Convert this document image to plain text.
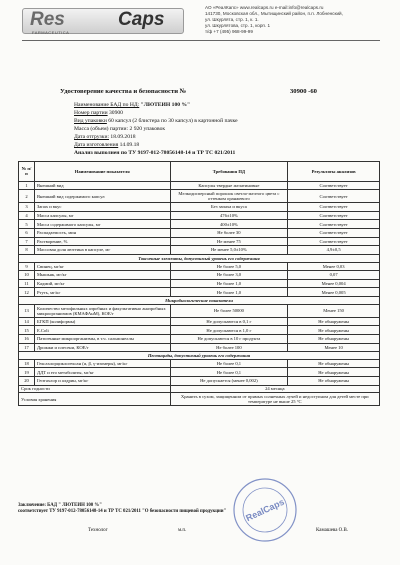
Res	Caps
FARMACEUTICA
АО «РеалКапс» www.realcaps.ru e-mail:info@realcaps.ru
141730, Московская обл., Мытищинский район, п.п. Лобненский,
ул. Шкурлята, стр. 1, к. 1.
ул. Шкурлятова, стр. 1, корп. 1
т/ф +7 (495) 968-99-99
Удостоверение качества и безопасности №	30900 -60
Наименование БАД по НД: "ЛЮТЕИН 100 %"
Номер партии 30900
Вид упаковки 60 капсул (2 блистера по 30 капсул) в картонной пачке
Масса (объем) партии: 2 920 упаковок
Дата отгрузки: 18.09.2018
Дата изготовления 14.09.18
Анализ выполнен по ТУ 9197-012-78056148-14 и ТР ТС 021/2011
№ п/п	Наименование показателя	Требования ПД	Результаты анализов
1	Внешний вид	Капсулы твердые желатиновые	Соответствует
2	Внешний вид содержимого капсул	Мелкодисперсный порошок светло-желтого цвета с оттенком оранжевого	Соответствует
3	Запах и вкус	Без запаха и вкуса	Соответствует
4	Масса капсулы, мг	476±10%	Соответствует
5	Масса содержимого капсулы, мг	400±10%	Соответствует
6	Распадаемость, мин	Не более 30	Соответствует
7	Растворение, %	Не менее 75	Соответствует
8	Массовая доля лютеина в капсуле, мг	Не менее 5,0±10%	4,9±0,5
Токсичные элементы, допустимый уровень его содержания			
9	Свинец, мг/кг	Не более 5,0	Менее 0,03
10	Мышьяк, мг/кг	Не более 3,0	0,07
11	Кадмий, мг/кг	Не более 1,0	Менее 0,004
12	Ртуть, мг/кг	Не более 1,0	Менее 0,005
Микробиологические показатели			
13	Количество мезофильных аэробных и факультативно анаэробных микроорганизмов (КМАФАнМ), КОЕ/г	Не более 50000	Менее 150
14	БГКП (колиформы)	Не допускаются в 0,1 г	Не обнаружены
15	E.Coli	Не допускаются в 1,0 г	Не обнаружены
16	Патогенные микроорганизмы, в т.ч. сальмонеллы	Не допускаются в 10 г продукта	Не обнаружены
17	Дрожжи и плесени, КОЕ/г	Не более 100	Менее 10
Пестициды, допустимый уровень его содержания			
18	Гексахлорциклогексан (α, β, γ-изомеры), мг/кг	Не более 0,1	Не обнаружены
19	ДДТ и его метаболиты, мг/кг	Не более 0,1	Не обнаружены
20	Гептахлор и алдрин, мг/кг	Не допускается (менее 0,002)	Не обнаружены
Срок годности		24 месяца	
Условия хранения		Хранить в сухом, защищенном от прямых солнечных лучей и недоступном для детей месте при температуре не выше 25 °С	
Заключение: БАД " ЛЮТЕИН 100 %"
соответствует ТУ 9197-012-78056148-14 и ТР ТС 021/2011 "О безопасности пищевой продукции"
Технолог	м.п.	Камашева О.В.
RealCaps
